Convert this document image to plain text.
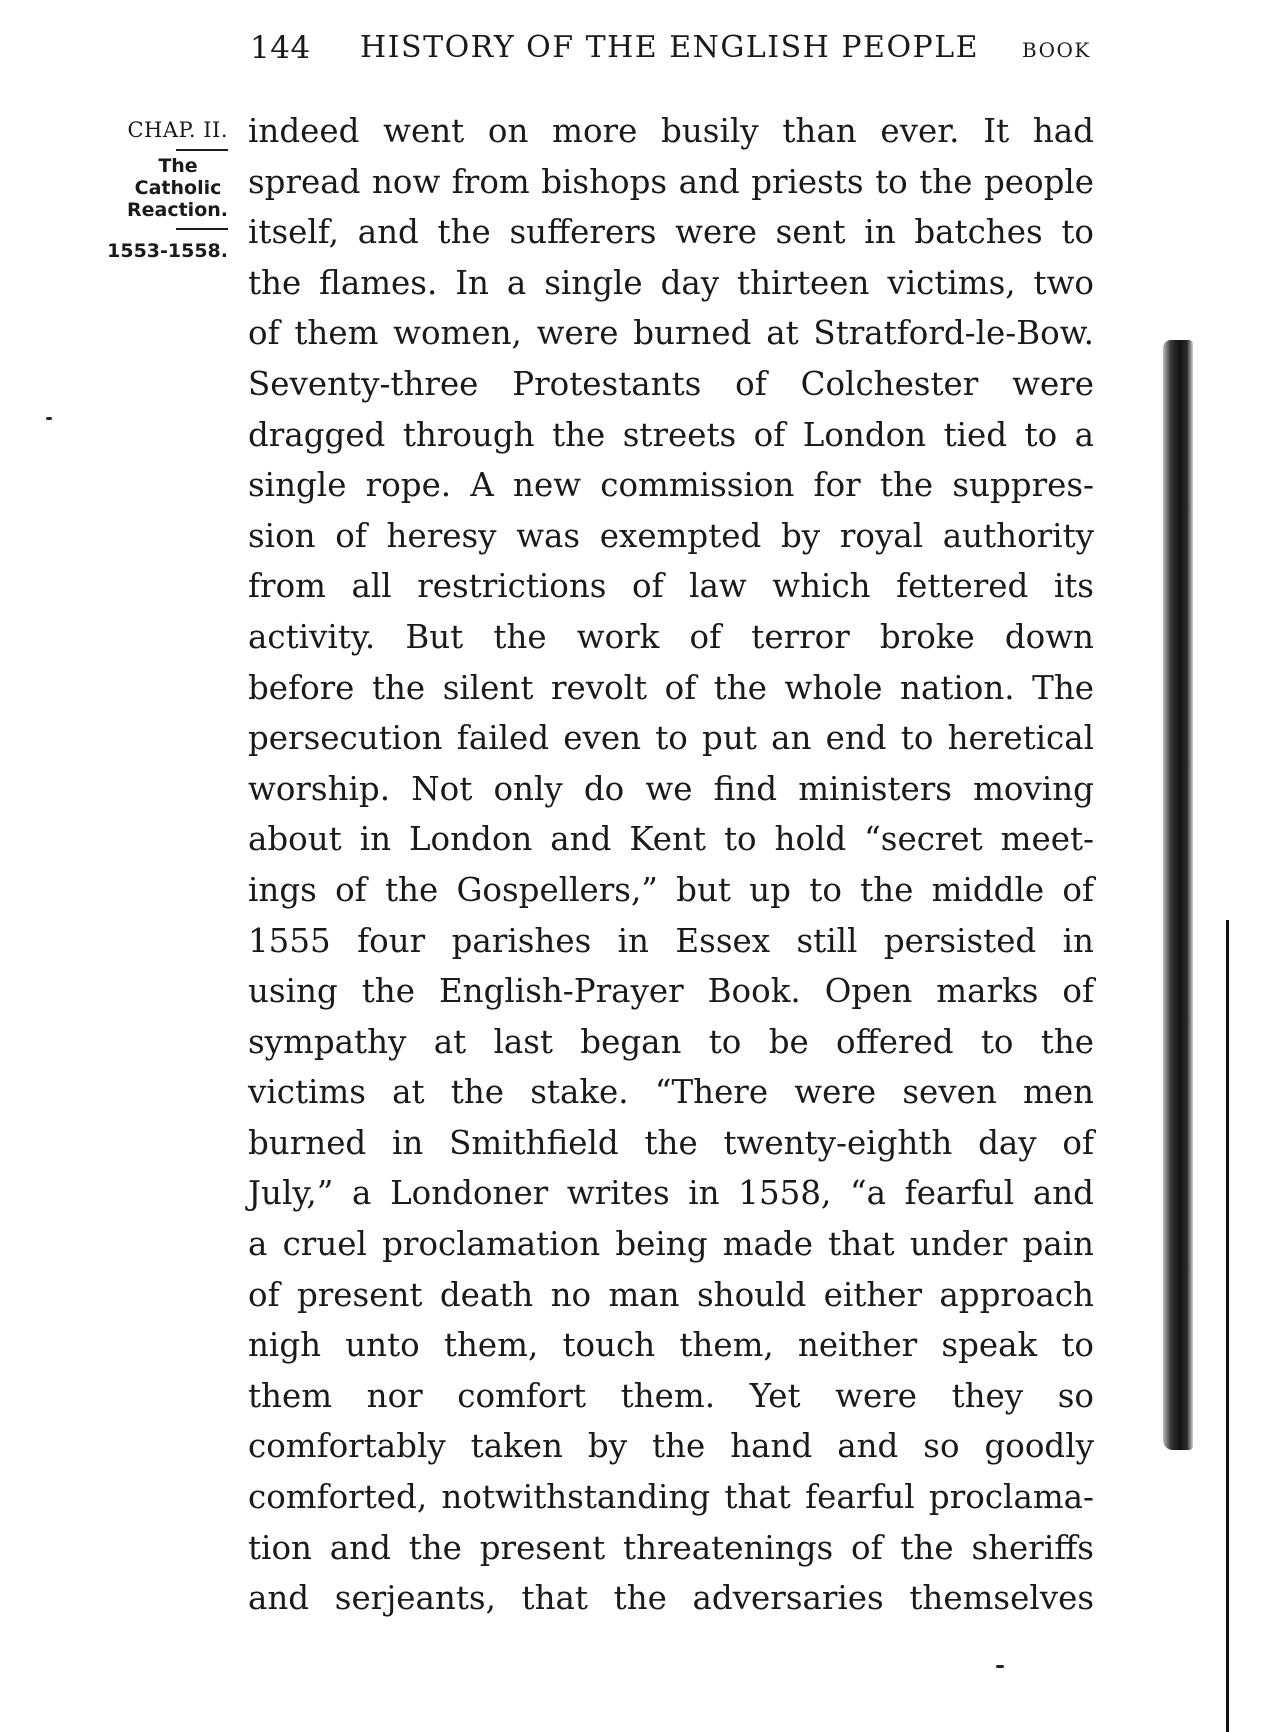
144 HISTORY OF THE ENGLISH PEOPLE BOOK
CHAP. II.
The
Catholic
Reaction.
1553-1558.
indeed went on more busily than ever. It had
spread now from bishops and priests to the people
itself, and the sufferers were sent in batches to
the flames. In a single day thirteen victims, two
of them women, were burned at Stratford-le-Bow.
Seventy-three Protestants of Colchester were
dragged through the streets of London tied to a
single rope. A new commission for the suppres-
sion of heresy was exempted by royal authority
from all restrictions of law which fettered its
activity. But the work of terror broke down
before the silent revolt of the whole nation. The
persecution failed even to put an end to heretical
worship. Not only do we find ministers moving
about in London and Kent to hold “secret meet-
ings of the Gospellers,” but up to the middle of
1555 four parishes in Essex still persisted in
using the English-Prayer Book. Open marks of
sympathy at last began to be offered to the
victims at the stake. “There were seven men
burned in Smithfield the twenty-eighth day of
July,” a Londoner writes in 1558, “a fearful and
a cruel proclamation being made that under pain
of present death no man should either approach
nigh unto them, touch them, neither speak to
them nor comfort them. Yet were they so
comfortably taken by the hand and so goodly
comforted, notwithstanding that fearful proclama-
tion and the present threatenings of the sheriffs
and serjeants, that the adversaries themselves
